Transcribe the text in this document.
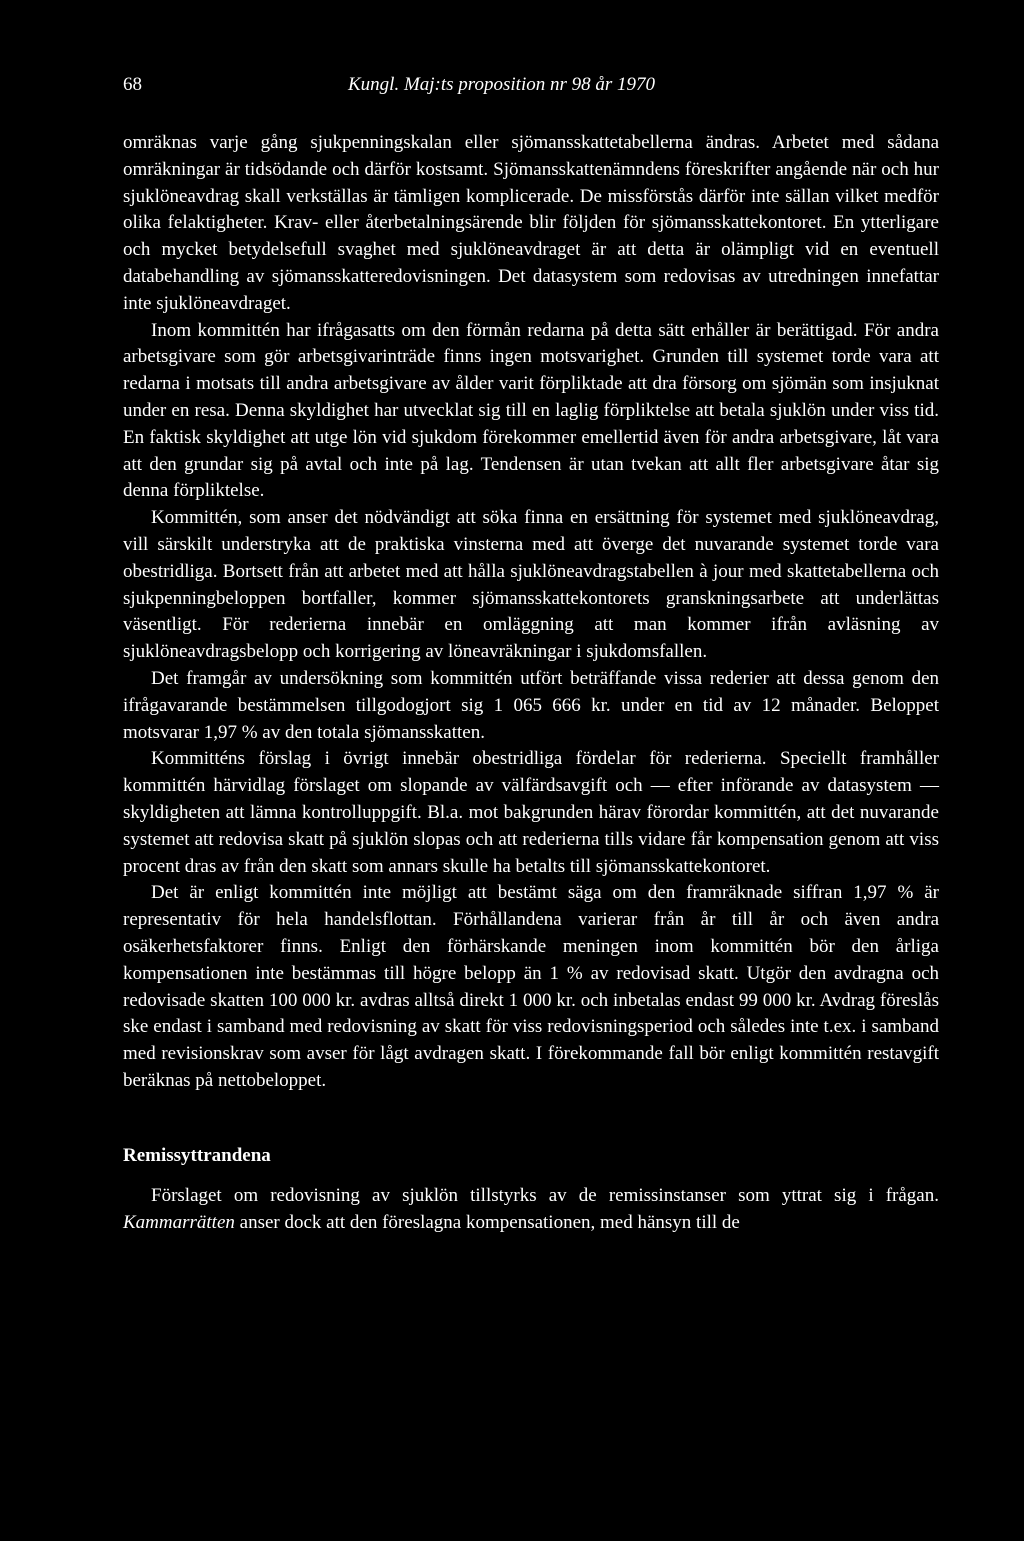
68	Kungl. Maj:ts proposition nr 98 år 1970

omräknas varje gång sjukpenningskalan eller sjömansskattetabellerna ändras. Arbetet med sådana omräkningar är tidsödande och därför kostsamt. Sjömansskattenämndens föreskrifter angående när och hur sjuklöneavdrag skall verkställas är tämligen komplicerade. De missförstås därför inte sällan vilket medför olika felaktigheter. Krav- eller återbetalningsärende blir följden för sjömansskattekontoret. En ytterligare och mycket betydelsefull svaghet med sjuklöneavdraget är att detta är olämpligt vid en eventuell databehandling av sjömansskatteredovisningen. Det datasystem som redovisas av utredningen innefattar inte sjuklöneavdraget.

Inom kommittén har ifrågasatts om den förmån redarna på detta sätt erhåller är berättigad. För andra arbetsgivare som gör arbetsgivarinträde finns ingen motsvarighet. Grunden till systemet torde vara att redarna i motsats till andra arbetsgivare av ålder varit förpliktade att dra försorg om sjömän som insjuknat under en resa. Denna skyldighet har utvecklat sig till en laglig förpliktelse att betala sjuklön under viss tid. En faktisk skyldighet att utge lön vid sjukdom förekommer emellertid även för andra arbetsgivare, låt vara att den grundar sig på avtal och inte på lag. Tendensen är utan tvekan att allt fler arbetsgivare åtar sig denna förpliktelse.

Kommittén, som anser det nödvändigt att söka finna en ersättning för systemet med sjuklöneavdrag, vill särskilt understryka att de praktiska vinsterna med att överge det nuvarande systemet torde vara obestridliga. Bortsett från att arbetet med att hålla sjuklöneavdragstabellen à jour med skattetabellerna och sjukpenningbeloppen bortfaller, kommer sjömansskattekontorets granskningsarbete att underlättas väsentligt. För rederierna innebär en omläggning att man kommer ifrån avläsning av sjuklöneavdragsbelopp och korrigering av löneavräkningar i sjukdomsfallen.

Det framgår av undersökning som kommittén utfört beträffande vissa rederier att dessa genom den ifrågavarande bestämmelsen tillgodogjort sig 1 065 666 kr. under en tid av 12 månader. Beloppet motsvarar 1,97 % av den totala sjömansskatten.

Kommitténs förslag i övrigt innebär obestridliga fördelar för rederierna. Speciellt framhåller kommittén härvidlag förslaget om slopande av välfärdsavgift och — efter införande av datasystem — skyldigheten att lämna kontrolluppgift. Bl.a. mot bakgrunden härav förordar kommittén, att det nuvarande systemet att redovisa skatt på sjuklön slopas och att rederierna tills vidare får kompensation genom att viss procent dras av från den skatt som annars skulle ha betalts till sjömansskattekontoret.

Det är enligt kommittén inte möjligt att bestämt säga om den framräknade siffran 1,97 % är representativ för hela handelsflottan. Förhållandena varierar från år till år och även andra osäkerhetsfaktorer finns. Enligt den förhärskande meningen inom kommittén bör den årliga kompensationen inte bestämmas till högre belopp än 1 % av redovisad skatt. Utgör den avdragna och redovisade skatten 100 000 kr. avdras alltså direkt 1 000 kr. och inbetalas endast 99 000 kr. Avdrag föreslås ske endast i samband med redovisning av skatt för viss redovisningsperiod och således inte t.ex. i samband med revisionskrav som avser för lågt avdragen skatt. I förekommande fall bör enligt kommittén restavgift beräknas på nettobeloppet.

Remissyttrandena

Förslaget om redovisning av sjuklön tillstyrks av de remissinstanser som yttrat sig i frågan. Kammarrätten anser dock att den föreslagna kompensationen, med hänsyn till de
